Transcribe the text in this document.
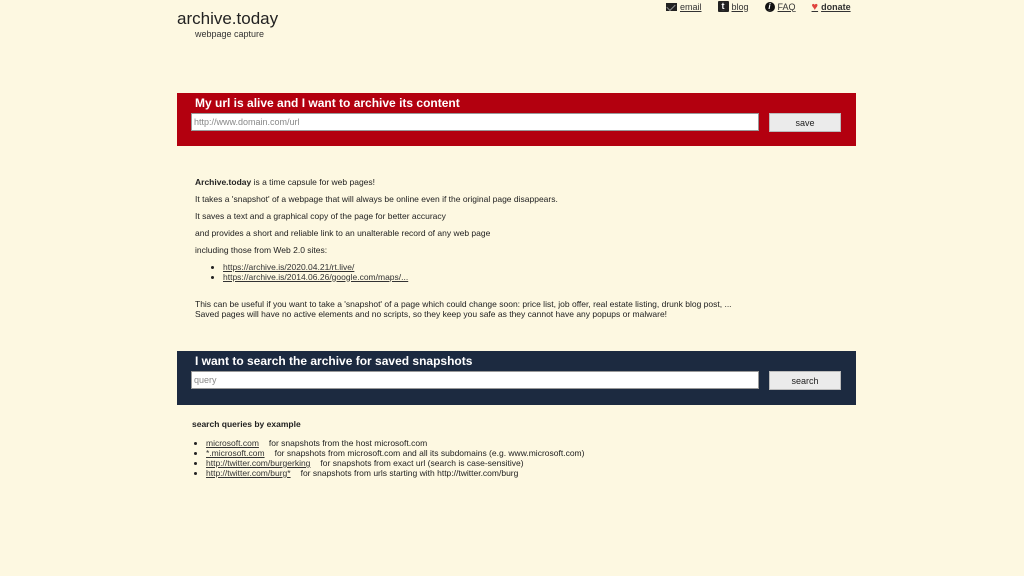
archive.today
webpage capture
email	t blog	i FAQ ♥ donate
My url is alive and I want to archive its content
http://www.domain.com/url
save

Archive.today is a time capsule for web pages!

It takes a 'snapshot' of a webpage that will always be online even if the original page disappears.

It saves a text and a graphical copy of the page for better accuracy

and provides a short and reliable link to an unalterable record of any web page

including those from Web 2.0 sites:

• https://archive.is/2020.04.21/rt.live/
• https://archive.is/2014.06.26/google.com/maps/...
This can be useful if you want to take a 'snapshot' of a page which could change soon: price list, job offer, real estate listing, drunk blog post, ...
Saved pages will have no active elements and no scripts, so they keep you safe as they cannot have any popups or malware!
I want to search the archive for saved snapshots
query
search
search queries by example
• microsoft.com for snapshots from the host microsoft.com
• *.microsoft.com for snapshots from microsoft.com and all its subdomains (e.g. www.microsoft.com)
• http://twitter.com/burgerking for snapshots from exact url (search is case-sensitive)
• http://twitter.com/burg* for snapshots from urls starting with http://twitter.com/burg
